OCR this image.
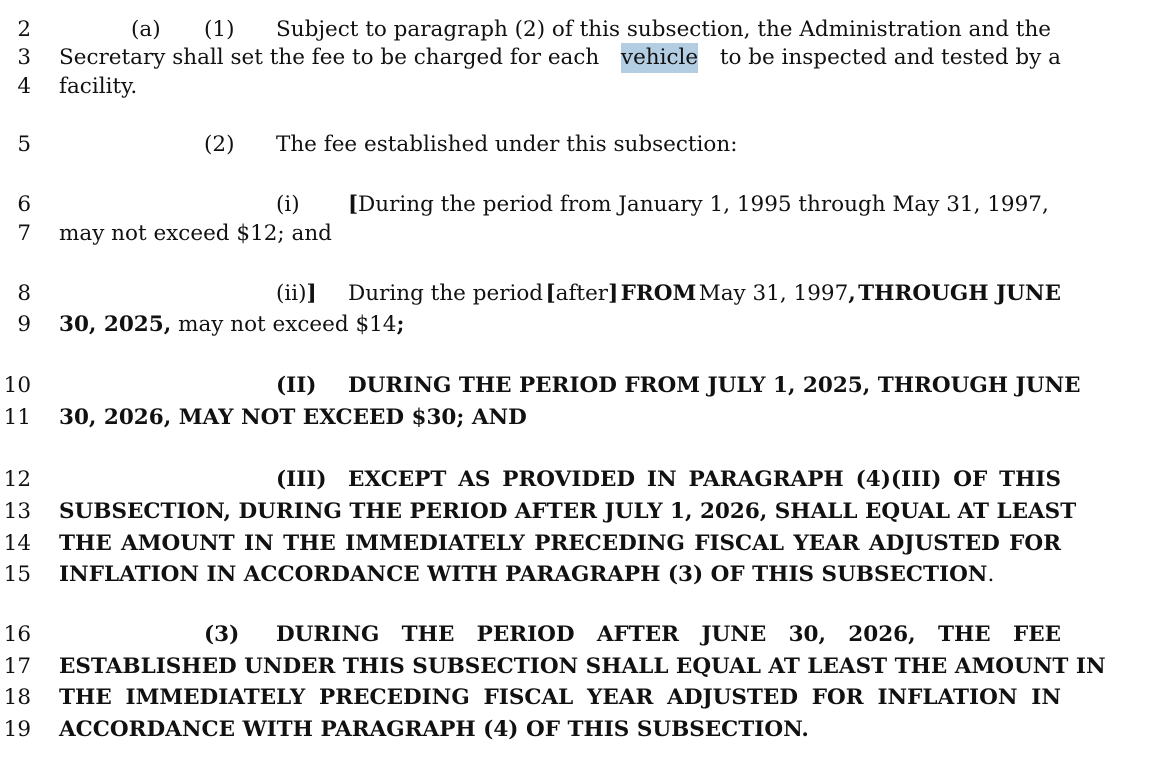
2	(a) (1) Subject to paragraph (2) of this subsection, the Administration and the
3 Secretary shall set the fee to be charged for each vehicle to be inspected and tested by a
4 facility.
5	(2) The fee established under this subsection:
6	(i) [ During the period from January 1, 1995 through May 31, 1997,
7 may not exceed $12; and
8	(ii)] During the period [after] FROM May 31, 1997, THROUGH JUNE
9 30, 2025, may not exceed $14;
10	(II) DURING THE PERIOD FROM JULY 1, 2025, THROUGH JUNE
11 30, 2026, MAY NOT EXCEED $30; AND
12	(III) EXCEPT AS PROVIDED IN PARAGRAPH (4)(III) OF THIS
13 SUBSECTION, DURING THE PERIOD AFTER JULY 1, 2026, SHALL EQUAL AT LEAST
14 THE AMOUNT IN THE IMMEDIATELY PRECEDING FISCAL YEAR ADJUSTED FOR
15 INFLATION IN ACCORDANCE WITH PARAGRAPH (3) OF THIS SUBSECTION.
16	(3) DURING THE PERIOD AFTER JUNE 30, 2026, THE FEE
17 ESTABLISHED UNDER THIS SUBSECTION SHALL EQUAL AT LEAST THE AMOUNT IN
18 THE IMMEDIATELY PRECEDING FISCAL YEAR ADJUSTED FOR INFLATION IN
19 ACCORDANCE WITH PARAGRAPH (4) OF THIS SUBSECTION.
